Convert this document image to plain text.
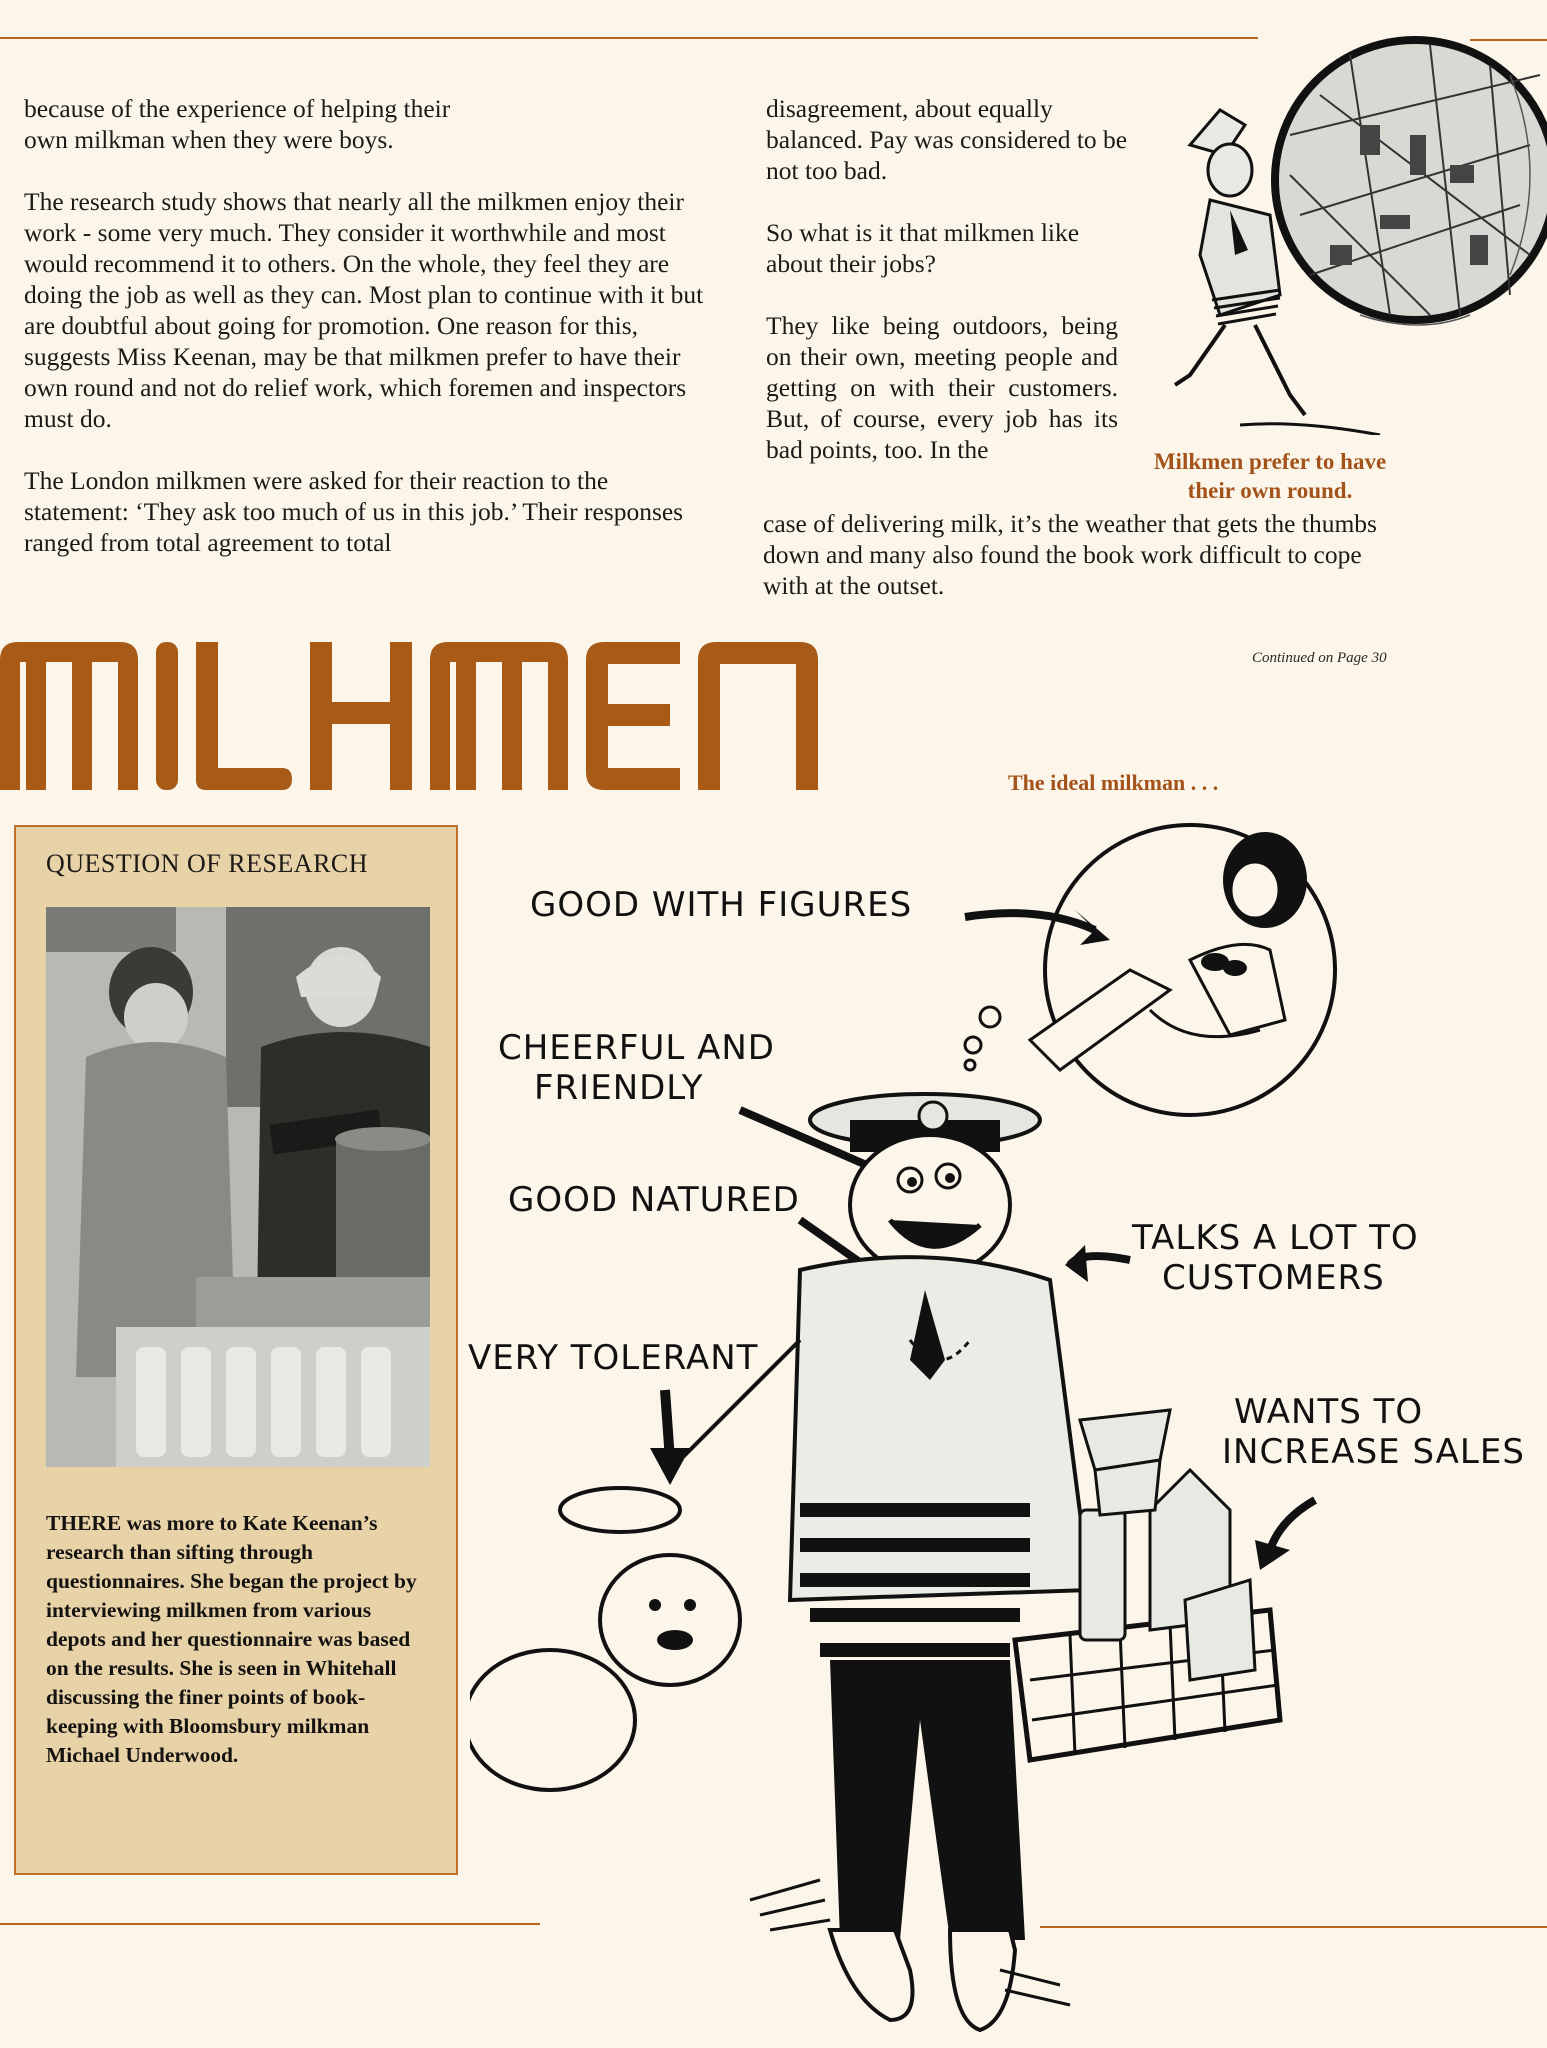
because of the experience of helping their own milkman when they were boys.

The research study shows that nearly all the milkmen enjoy their work - some very much. They consider it worthwhile and most would recommend it to others. On the whole, they feel they are doing the job as well as they can. Most plan to continue with it but are doubtful about going for promotion. One reason for this, suggests Miss Keenan, may be that milkmen prefer to have their own round and not do relief work, which foremen and inspectors must do.

The London milkmen were asked for their reaction to the statement: ‘They ask too much of us in this job.’ Their responses ranged from total agreement to total

disagreement, about equally balanced. Pay was considered to be not too bad.

So what is it that milkmen like about their jobs?

They like being outdoors, being on their own, meeting people and getting on with their customers. But, of course, every job has its bad points, too. In the

case of delivering milk, it’s the weather that gets the thumbs down and many also found the book work difficult to cope with at the outset.
Milkmen prefer to have
their own round.
Continued on Page 30
The ideal milkman . . .
QUESTION OF RESEARCH
THERE was more to Kate Keenan’s research than sifting through questionnaires. She began the project by interviewing milkmen from various depots and her questionnaire was based on the results. She is seen in Whitehall discussing the finer points of book-keeping with Bloomsbury milkman Michael Underwood.
GOOD WITH FIGURES
CHEERFUL AND
FRIENDLY
GOOD NATURED
TALKS A LOT TO
CUSTOMERS
VERY TOLERANT
WANTS TO
INCREASE SALES
